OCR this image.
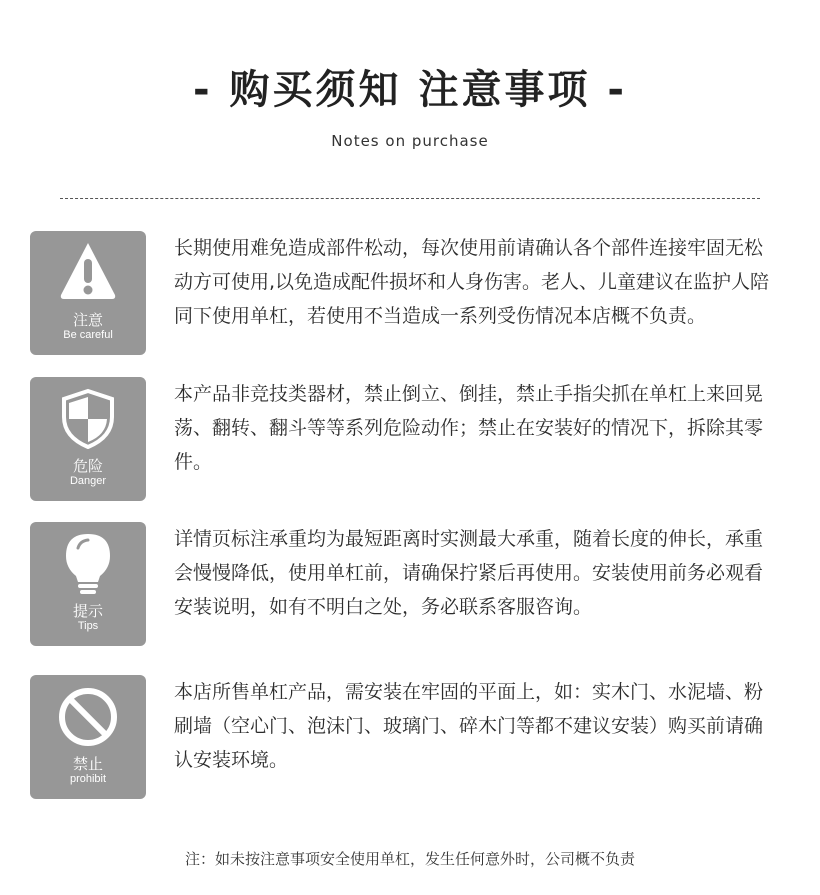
- 购买须知 注意事项 -
Notes on purchase
注意
Be careful
长期使用难免造成部件松动，每次使用前请确认各个部件连接牢固无松动方可使用,以免造成配件损坏和人身伤害。老人、儿童建议在监护人陪同下使用单杠，若使用不当造成一系列受伤情况本店概不负责。
危险
Danger
本产品非竞技类器材，禁止倒立、倒挂，禁止手指尖抓在单杠上来回晃荡、翻转、翻斗等等系列危险动作；禁止在安装好的情况下，拆除其零件。
提示
Tips
详情页标注承重均为最短距离时实测最大承重，随着长度的伸长，承重会慢慢降低，使用单杠前，请确保拧紧后再使用。安装使用前务必观看安装说明，如有不明白之处，务必联系客服咨询。
禁止
prohibit
本店所售单杠产品，需安装在牢固的平面上，如：实木门、水泥墙、粉刷墙（空心门、泡沫门、玻璃门、碎木门等都不建议安装）购买前请确认安装环境。
注：如未按注意事项安全使用单杠，发生任何意外时，公司概不负责
